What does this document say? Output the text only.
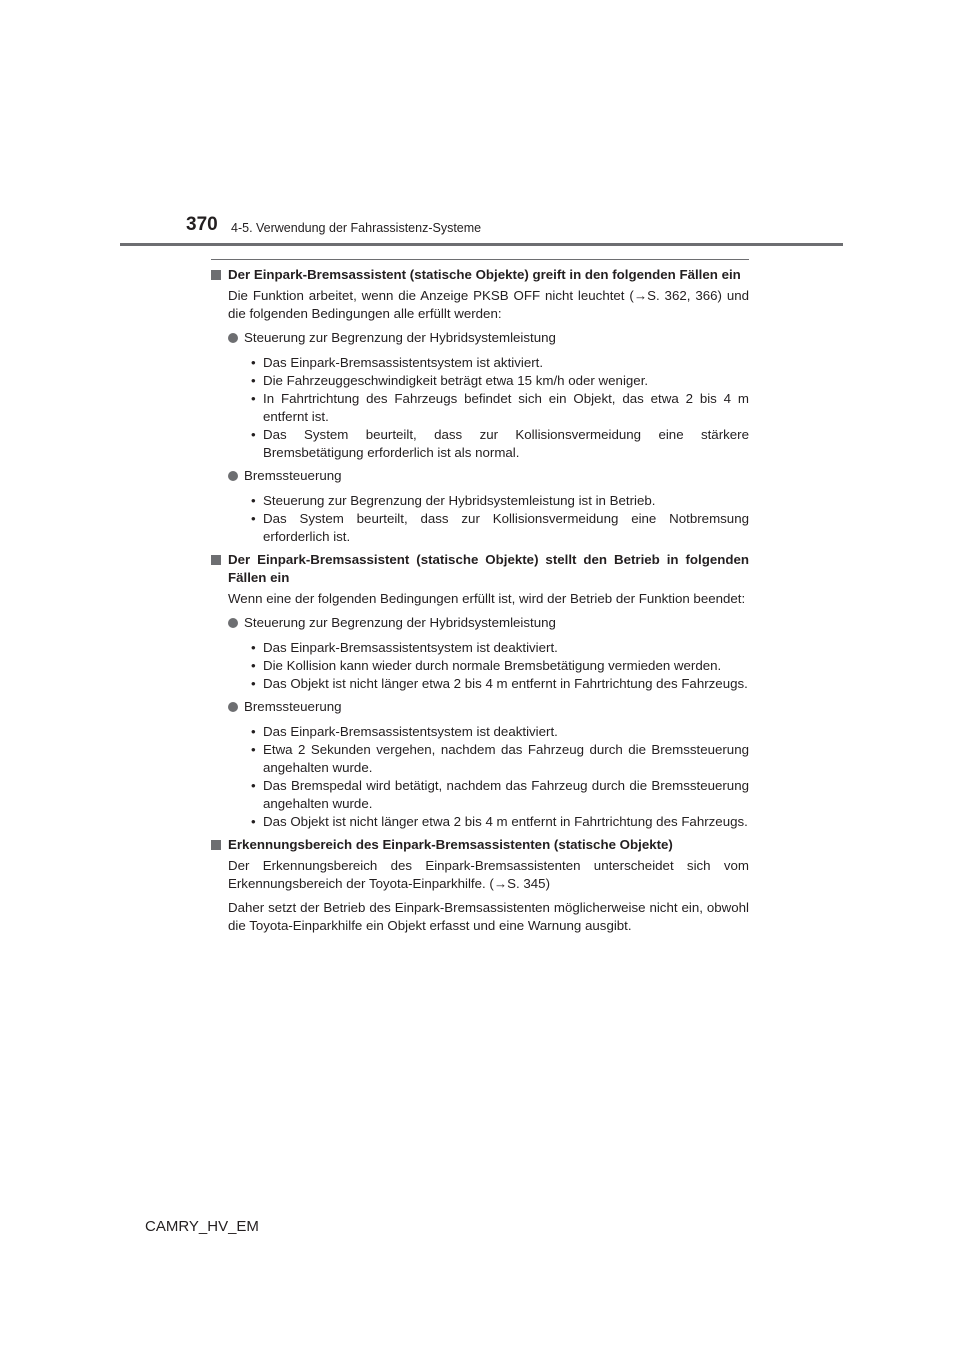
370 4-5. Verwendung der Fahrassistenz-Systeme
Der Einpark-Bremsassistent (statische Objekte) greift in den folgenden Fällen ein

Die Funktion arbeitet, wenn die Anzeige PKSB OFF nicht leuchtet (→S. 362, 366) und die folgenden Bedingungen alle erfüllt werden:

Steuerung zur Begrenzung der Hybridsystemleistung
• Das Einpark-Bremsassistentsystem ist aktiviert.
• Die Fahrzeuggeschwindigkeit beträgt etwa 15 km/h oder weniger.
• In Fahrtrichtung des Fahrzeugs befindet sich ein Objekt, das etwa 2 bis 4 m entfernt ist.
• Das System beurteilt, dass zur Kollisionsvermeidung eine stärkere Bremsbetätigung erforderlich ist als normal.
Bremssteuerung
• Steuerung zur Begrenzung der Hybridsystemleistung ist in Betrieb.
• Das System beurteilt, dass zur Kollisionsvermeidung eine Notbremsung erforderlich ist.
Der Einpark-Bremsassistent (statische Objekte) stellt den Betrieb in folgenden Fällen ein

Wenn eine der folgenden Bedingungen erfüllt ist, wird der Betrieb der Funktion beendet:

Steuerung zur Begrenzung der Hybridsystemleistung
• Das Einpark-Bremsassistentsystem ist deaktiviert.
• Die Kollision kann wieder durch normale Bremsbetätigung vermieden werden.
• Das Objekt ist nicht länger etwa 2 bis 4 m entfernt in Fahrtrichtung des Fahrzeugs.
Bremssteuerung
• Das Einpark-Bremsassistentsystem ist deaktiviert.
• Etwa 2 Sekunden vergehen, nachdem das Fahrzeug durch die Bremssteuerung angehalten wurde.
• Das Bremspedal wird betätigt, nachdem das Fahrzeug durch die Bremssteuerung angehalten wurde.
• Das Objekt ist nicht länger etwa 2 bis 4 m entfernt in Fahrtrichtung des Fahrzeugs.
Erkennungsbereich des Einpark-Bremsassistenten (statische Objekte)

Der Erkennungsbereich des Einpark-Bremsassistenten unterscheidet sich vom Erkennungsbereich der Toyota-Einparkhilfe. (→S. 345)

Daher setzt der Betrieb des Einpark-Bremsassistenten möglicherweise nicht ein, obwohl die Toyota-Einparkhilfe ein Objekt erfasst und eine Warnung ausgibt.

CAMRY_HV_EM
